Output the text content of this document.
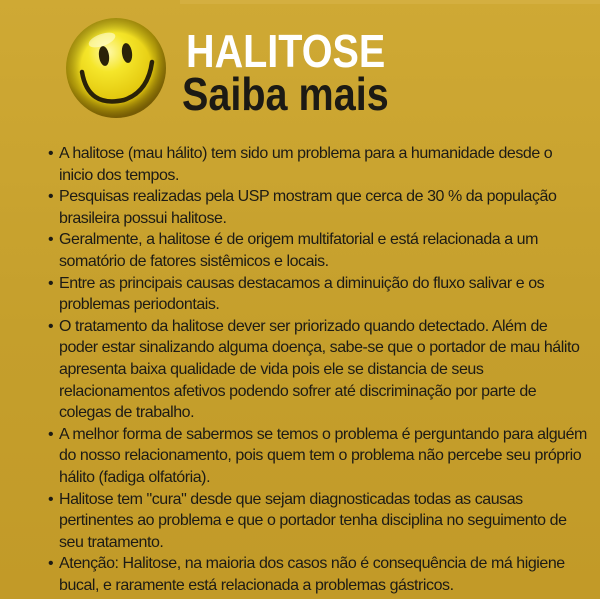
HALITOSE
Saiba mais
• A halitose (mau hálito) tem sido um problema para a humanidade desde o inicio dos tempos.
• Pesquisas realizadas pela USP mostram que cerca de 30 % da população brasileira possui halitose.
• Geralmente, a halitose é de origem multifatorial e está relacionada a um somatório de fatores sistêmicos e locais.
• Entre as principais causas destacamos a diminuição do fluxo salivar e os problemas periodontais.
• O tratamento da halitose dever ser priorizado quando detectado. Além de poder estar sinalizando alguma doença, sabe-se que o portador de mau hálito apresenta baixa qualidade de vida pois ele se distancia de seus relacionamentos afetivos podendo sofrer até discriminação por parte de colegas de trabalho.
• A melhor forma de sabermos se temos o problema é perguntando para alguém do nosso relacionamento, pois quem tem o problema não percebe seu próprio hálito (fadiga olfatória).
• Halitose tem "cura" desde que sejam diagnosticadas todas as causas pertinentes ao problema e que o portador tenha disciplina no seguimento de seu tratamento.
• Atenção: Halitose, na maioria dos casos não é consequência de má higiene bucal, e raramente está relacionada a problemas gástricos.
